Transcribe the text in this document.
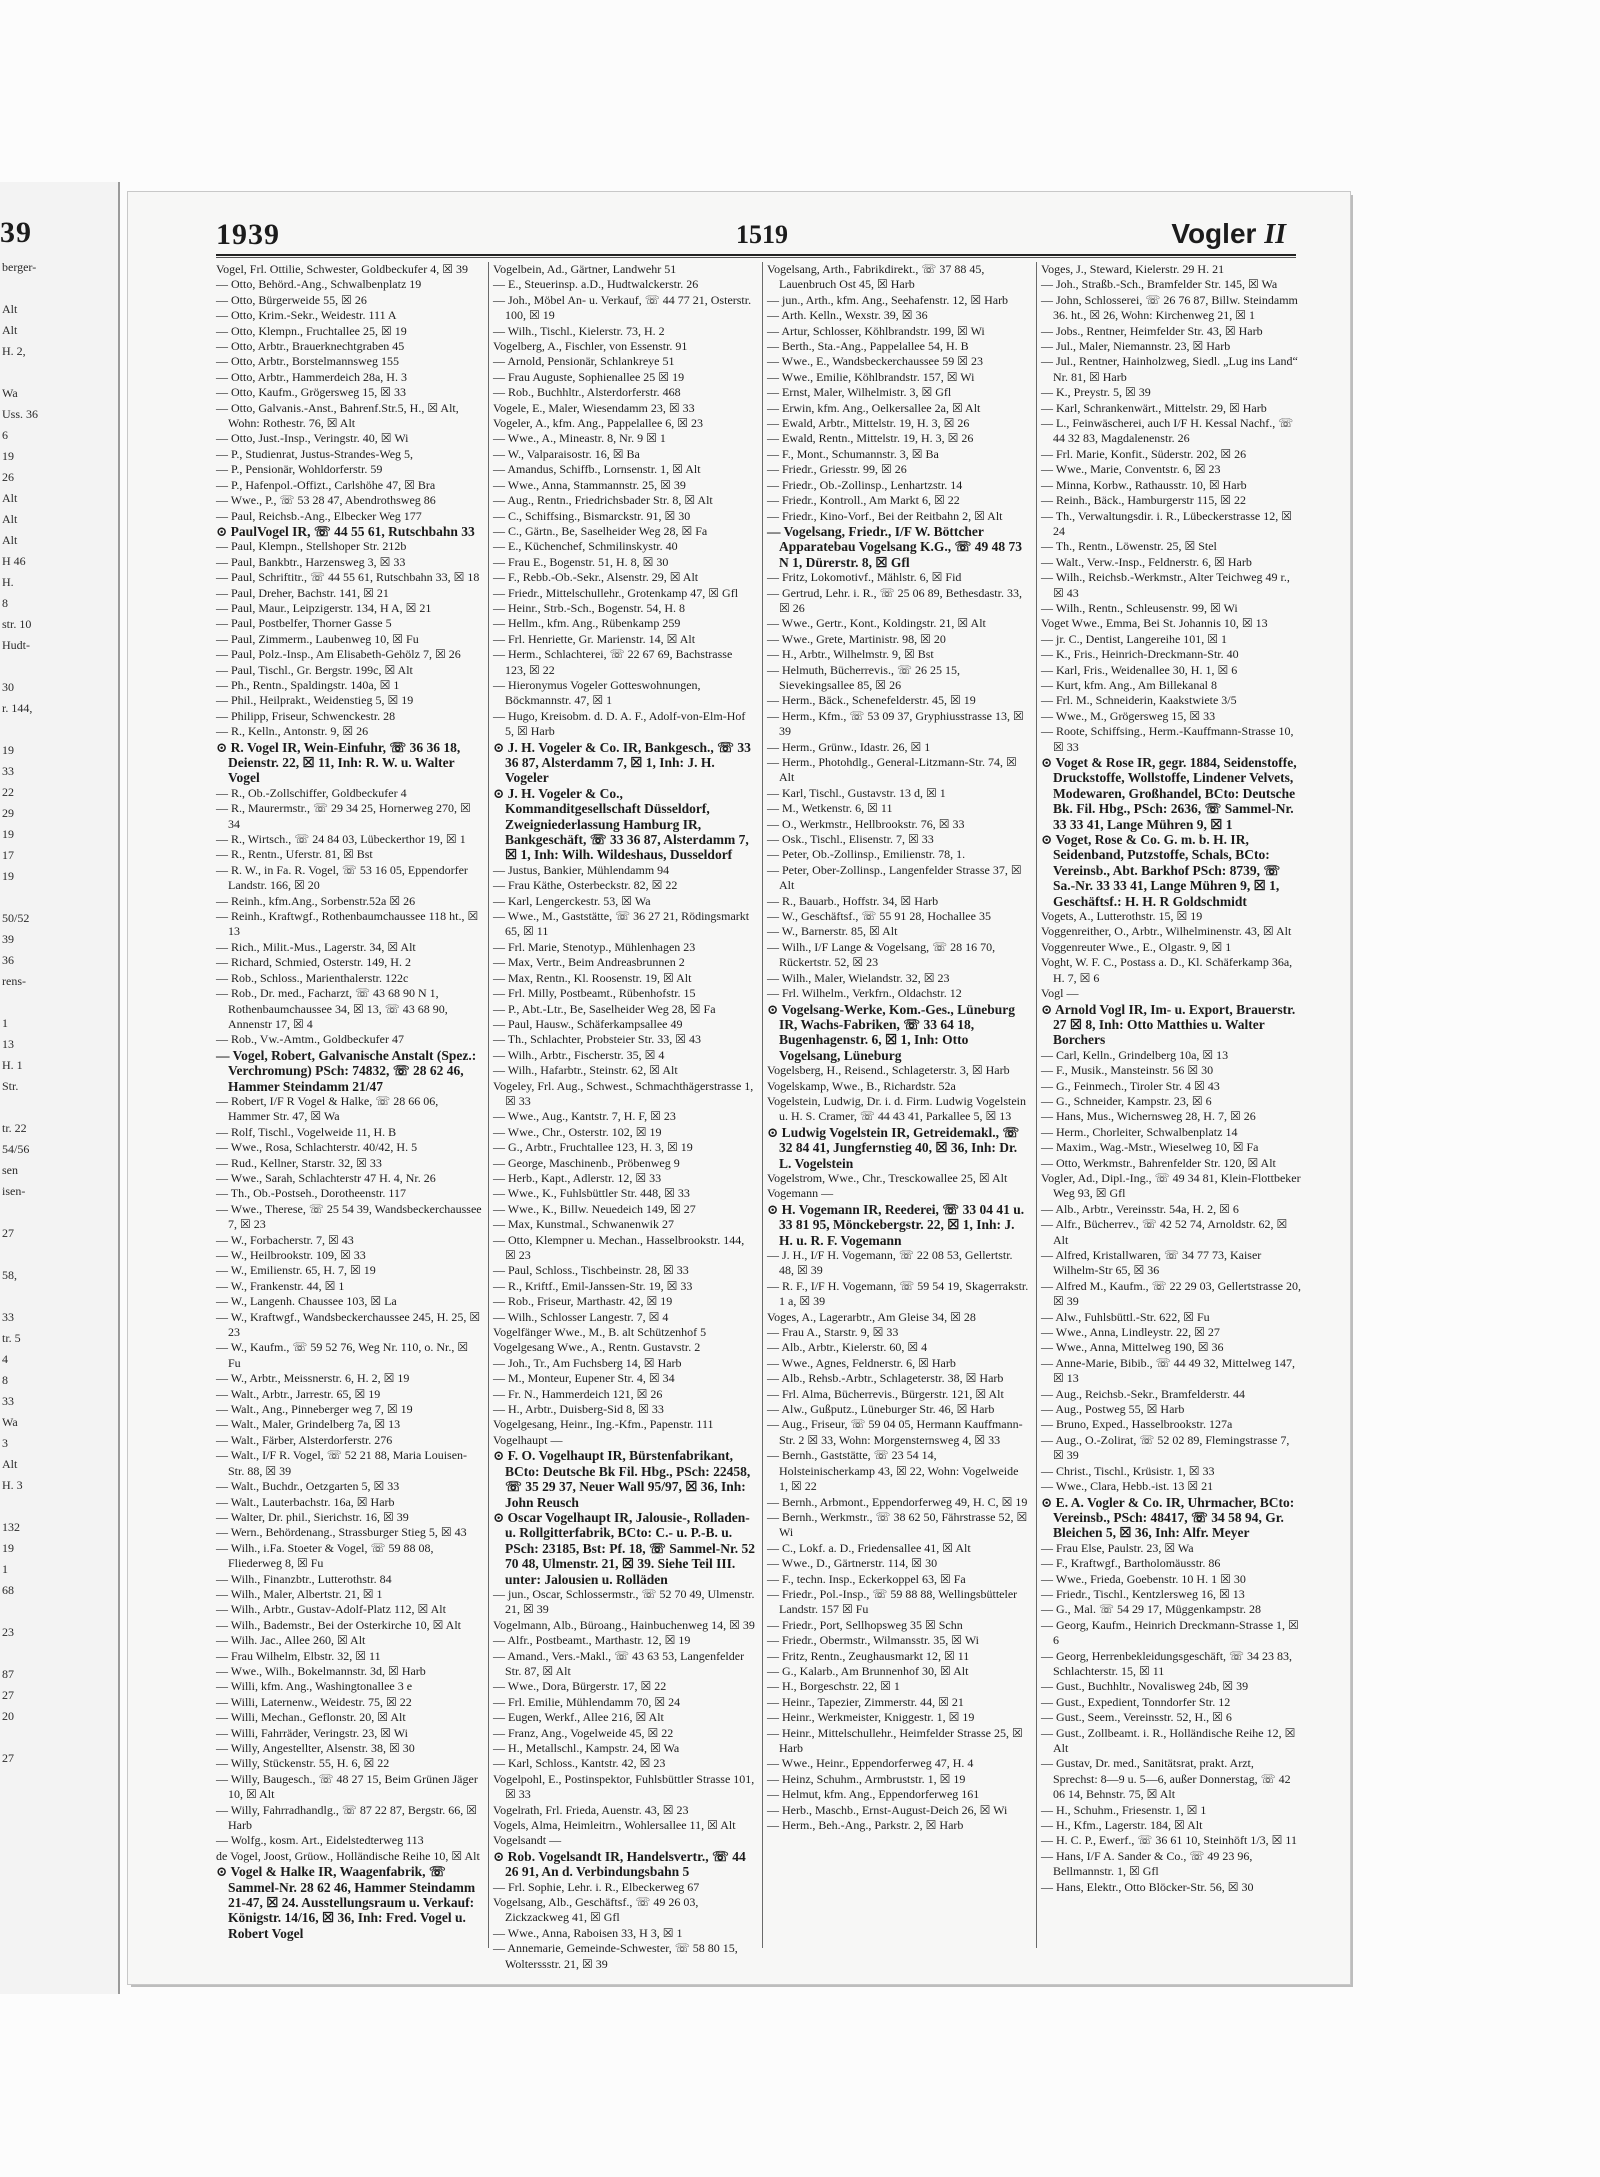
39
berger-
Alt
Alt
H. 2,
Wa
Uss. 36
6
19
26
Alt
Alt
Alt
H 46
H.
8
str. 10
Hudt-
30
r. 144,
19
33
22
29
19
17
19
50/52
39
36
rens-
1
13
H. 1
Str.
tr. 22
54/56
sen
isen-
27
58,
33
tr. 5
4
8
33
Wa
3
Alt
H. 3
132
19
1
68
23
87
27
20
27
1939	1519	Vogler II

Vogel, Frl. Ottilie, Schwester, Goldbeckufer 4, ☒ 39

— Otto, Behörd.-Ang., Schwalbenplatz 19

— Otto, Bürgerweide 55, ☒ 26

— Otto, Krim.-Sekr., Weidestr. 111 A

— Otto, Klempn., Fruchtallee 25, ☒ 19

— Otto, Arbtr., Brauerknechtgraben 45

— Otto, Arbtr., Borstelmannsweg 155

— Otto, Arbtr., Hammerdeich 28a, H. 3

— Otto, Kaufm., Grögersweg 15, ☒ 33

— Otto, Galvanis.-Anst., Bahrenf.Str.5, H., ☒ Alt, Wohn: Rothestr. 76, ☒ Alt

— Otto, Just.-Insp., Veringstr. 40, ☒ Wi

— P., Studienrat, Justus-Strandes-Weg 5,

— P., Pensionär, Wohldorferstr. 59

— P., Hafenpol.-Offizt., Carlshöhe 47, ☒ Bra

— Wwe., P., ☏ 53 28 47, Abendrothsweg 86

— Paul, Reichsb.-Ang., Elbecker Weg 177

⊙ PaulVogel IR, ☏ 44 55 61, Rutschbahn 33

— Paul, Klempn., Stellshoper Str. 212b

— Paul, Bankbtr., Harzensweg 3, ☒ 33

— Paul, Schriftitr., ☏ 44 55 61, Rutschbahn 33, ☒ 18

— Paul, Dreher, Bachstr. 141, ☒ 21

— Paul, Maur., Leipzigerstr. 134, H A, ☒ 21

— Paul, Postbelfer, Thorner Gasse 5

— Paul, Zimmerm., Laubenweg 10, ☒ Fu

— Paul, Polz.-Insp., Am Elisabeth-Gehölz 7, ☒ 26

— Paul, Tischl., Gr. Bergstr. 199c, ☒ Alt

— Ph., Rentn., Spaldingstr. 140a, ☒ 1

— Phil., Heilprakt., Weidenstieg 5, ☒ 19

— Philipp, Friseur, Schwenckestr. 28

— R., Kelln., Antonstr. 9, ☒ 26

⊙ R. Vogel IR, Wein-Einfuhr, ☏ 36 36 18, Deienstr. 22, ☒ 11, Inh: R. W. u. Walter Vogel

— R., Ob.-Zollschiffer, Goldbeckufer 4

— R., Maurermstr., ☏ 29 34 25, Hornerweg 270, ☒ 34

— R., Wirtsch., ☏ 24 84 03, Lübeckerthor 19, ☒ 1

— R., Rentn., Uferstr. 81, ☒ Bst

— R. W., in Fa. R. Vogel, ☏ 53 16 05, Eppendorfer Landstr. 166, ☒ 20

— Reinh., kfm.Ang., Sorbenstr.52a ☒ 26

— Reinh., Kraftwgf., Rothenbaumchaussee 118 ht., ☒ 13

— Rich., Milit.-Mus., Lagerstr. 34, ☒ Alt

— Richard, Schmied, Osterstr. 149, H. 2

— Rob., Schloss., Marienthalerstr. 122c

— Rob., Dr. med., Facharzt, ☏ 43 68 90 N 1, Rothenbaumchaussee 34, ☒ 13, ☏ 43 68 90, Annenstr 17, ☒ 4

— Rob., Vw.-Amtm., Goldbeckufer 47

— Vogel, Robert, Galvanische Anstalt (Spez.: Verchromung) PSch: 74832, ☏ 28 62 46, Hammer Steindamm 21/47

— Robert, I/F R Vogel & Halke, ☏ 28 66 06, Hammer Str. 47, ☒ Wa

— Rolf, Tischl., Vogelweide 11, H. B

— Wwe., Rosa, Schlachterstr. 40/42, H. 5

— Rud., Kellner, Starstr. 32, ☒ 33

— Wwe., Sarah, Schlachterstr 47 H. 4, Nr. 26

— Th., Ob.-Postseh., Dorotheenstr. 117

— Wwe., Therese, ☏ 25 54 39, Wandsbeckerchaussee 7, ☒ 23

— W., Forbacherstr. 7, ☒ 43

— W., Heilbrookstr. 109, ☒ 33

— W., Emilienstr. 65, H. 7, ☒ 19

— W., Frankenstr. 44, ☒ 1

— W., Langenh. Chaussee 103, ☒ La

— W., Kraftwgf., Wandsbeckerchaussee 245, H. 25, ☒ 23

— W., Kaufm., ☏ 59 52 76, Weg Nr. 110, o. Nr., ☒ Fu

— W., Arbtr., Meissnerstr. 6, H. 2, ☒ 19

— Walt., Arbtr., Jarrestr. 65, ☒ 19

— Walt., Ang., Pinneberger weg 7, ☒ 19

— Walt., Maler, Grindelberg 7a, ☒ 13

— Walt., Färber, Alsterdorferstr. 276

— Walt., I/F R. Vogel, ☏ 52 21 88, Maria Louisen-Str. 88, ☒ 39

— Walt., Buchdr., Oetzgarten 5, ☒ 33

— Walt., Lauterbachstr. 16a, ☒ Harb

— Walter, Dr. phil., Sierichstr. 16, ☒ 39

— Wern., Behördenang., Strassburger Stieg 5, ☒ 43

— Wilh., i.Fa. Stoeter & Vogel, ☏ 59 88 08, Fliederweg 8, ☒ Fu

— Wilh., Finanzbtr., Lutterothstr. 84

— Wilh., Maler, Albertstr. 21, ☒ 1

— Wilh., Arbtr., Gustav-Adolf-Platz 112, ☒ Alt

— Wilh., Bademstr., Bei der Osterkirche 10, ☒ Alt

— Wilh. Jac., Allee 260, ☒ Alt

— Frau Wilhelm, Elbstr. 32, ☒ 11

— Wwe., Wilh., Bokelmannstr. 3d, ☒ Harb

— Willi, kfm. Ang., Washingtonallee 3 e

— Willi, Laternenw., Weidestr. 75, ☒ 22

— Willi, Mechan., Geflonstr. 20, ☒ Alt

— Willi, Fahrräder, Veringstr. 23, ☒ Wi

— Willy, Angestellter, Alsenstr. 38, ☒ 30

— Willy, Stückenstr. 55, H. 6, ☒ 22

— Willy, Baugesch., ☏ 48 27 15, Beim Grünen Jäger 10, ☒ Alt

— Willy, Fahrradhandlg., ☏ 87 22 87, Bergstr. 66, ☒ Harb

— Wolfg., kosm. Art., Eidelstedterweg 113

de Vogel, Joost, Grüow., Holländische Reihe 10, ☒ Alt

⊙ Vogel & Halke IR, Waagenfabrik, ☏ Sammel-Nr. 28 62 46, Hammer Steindamm 21-47, ☒ 24. Ausstellungsraum u. Verkauf: Königstr. 14/16, ☒ 36, Inh: Fred. Vogel u. Robert Vogel

Vogelbein, Ad., Gärtner, Landwehr 51

— E., Steuerinsp. a.D., Hudtwalckerstr. 26

— Joh., Möbel An- u. Verkauf, ☏ 44 77 21, Osterstr. 100, ☒ 19

— Wilh., Tischl., Kielerstr. 73, H. 2

Vogelberg, A., Fischler, von Essenstr. 91

— Arnold, Pensionär, Schlankreye 51

— Frau Auguste, Sophienallee 25 ☒ 19

— Rob., Buchhltr., Alsterdorferstr. 468

Vogele, E., Maler, Wiesendamm 23, ☒ 33

Vogeler, A., kfm. Ang., Pappelallee 6, ☒ 23

— Wwe., A., Mineastr. 8, Nr. 9 ☒ 1

— W., Valparaisostr. 16, ☒ Ba

— Amandus, Schiffb., Lornsenstr. 1, ☒ Alt

— Wwe., Anna, Stammannstr. 25, ☒ 39

— Aug., Rentn., Friedrichsbader Str. 8, ☒ Alt

— C., Schiffsing., Bismarckstr. 91, ☒ 30

— C., Gärtn., Be, Saselheider Weg 28, ☒ Fa

— E., Küchenchef, Schmilinskystr. 40

— Frau E., Bogenstr. 51, H. 8, ☒ 30

— F., Rebb.-Ob.-Sekr., Alsenstr. 29, ☒ Alt

— Friedr., Mittelschullehr., Grotenkamp 47, ☒ Gfl

— Heinr., Strb.-Sch., Bogenstr. 54, H. 8

— Hellm., kfm. Ang., Rübenkamp 259

— Frl. Henriette, Gr. Marienstr. 14, ☒ Alt

— Herm., Schlachterei, ☏ 22 67 69, Bachstrasse 123, ☒ 22

— Hieronymus Vogeler Gotteswohnungen, Böckmannstr. 47, ☒ 1

— Hugo, Kreisobm. d. D. A. F., Adolf-von-Elm-Hof 5, ☒ Harb

⊙ J. H. Vogeler & Co. IR, Bankgesch., ☏ 33 36 87, Alsterdamm 7, ☒ 1, Inh: J. H. Vogeler

⊙ J. H. Vogeler & Co., Kommanditgesellschaft Düsseldorf, Zweigniederlassung Hamburg IR, Bankgeschäft, ☏ 33 36 87, Alsterdamm 7, ☒ 1, Inh: Wilh. Wildeshaus, Dusseldorf

— Justus, Bankier, Mühlendamm 94

— Frau Käthe, Osterbeckstr. 82, ☒ 22

— Karl, Lengerckestr. 53, ☒ Wa

— Wwe., M., Gaststätte, ☏ 36 27 21, Rödingsmarkt 65, ☒ 11

— Frl. Marie, Stenotyp., Mühlenhagen 23

— Max, Vertr., Beim Andreasbrunnen 2

— Max, Rentn., Kl. Roosenstr. 19, ☒ Alt

— Frl. Milly, Postbeamt., Rübenhofstr. 15

— P., Abt.-Ltr., Be, Saselheider Weg 28, ☒ Fa

— Paul, Hausw., Schäferkampsallee 49

— Th., Schlachter, Probsteier Str. 33, ☒ 43

— Wilh., Arbtr., Fischerstr. 35, ☒ 4

— Wilh., Hafarbtr., Steinstr. 62, ☒ Alt

Vogeley, Frl. Aug., Schwest., Schmachthägerstrasse 1, ☒ 33

— Wwe., Aug., Kantstr. 7, H. F, ☒ 23

— Wwe., Chr., Osterstr. 102, ☒ 19

— G., Arbtr., Fruchtallee 123, H. 3, ☒ 19

— George, Maschinenb., Pröbenweg 9

— Herb., Kapt., Adlerstr. 12, ☒ 33

— Wwe., K., Fuhlsbüttler Str. 448, ☒ 33

— Wwe., K., Billw. Neuedeich 149, ☒ 27

— Max, Kunstmal., Schwanenwik 27

— Otto, Klempner u. Mechan., Hasselbrookstr. 144, ☒ 23

— Paul, Schloss., Tischbeinstr. 28, ☒ 33

— R., Kriftf., Emil-Janssen-Str. 19, ☒ 33

— Rob., Friseur, Marthastr. 42, ☒ 19

— Wilh., Schlosser Langestr. 7, ☒ 4

Vogelfänger Wwe., M., B. alt Schützenhof 5

Vogelgesang Wwe., A., Rentn. Gustavstr. 2

— Joh., Tr., Am Fuchsberg 14, ☒ Harb

— M., Monteur, Eupener Str. 4, ☒ 34

— Fr. N., Hammerdeich 121, ☒ 26

— H., Arbtr., Duisberg-Sid 8, ☒ 33

Vogelgesang, Heinr., Ing.-Kfm., Papenstr. 111

Vogelhaupt —

⊙ F. O. Vogelhaupt IR, Bürstenfabrikant, BCto: Deutsche Bk Fil. Hbg., PSch: 22458, ☏ 35 29 37, Neuer Wall 95/97, ☒ 36, Inh: John Reusch

⊙ Oscar Vogelhaupt IR, Jalousie-, Rolladen- u. Rollgitterfabrik, BCto: C.- u. P.-B. u. PSch: 23185, Bst: Pf. 18, ☏ Sammel-Nr. 52 70 48, Ulmenstr. 21, ☒ 39. Siehe Teil III. unter: Jalousien u. Rolläden

— jun., Oscar, Schlossermstr., ☏ 52 70 49, Ulmenstr. 21, ☒ 39

Vogelmann, Alb., Büroang., Hainbuchenweg 14, ☒ 39

— Alfr., Postbeamt., Marthastr. 12, ☒ 19

— Amand., Vers.-Makl., ☏ 43 63 53, Langenfelder Str. 87, ☒ Alt

— Wwe., Dora, Bürgerstr. 17, ☒ 22

— Frl. Emilie, Mühlendamm 70, ☒ 24

— Eugen, Werkf., Allee 216, ☒ Alt

— Franz, Ang., Vogelweide 45, ☒ 22

— H., Metallschl., Kampstr. 24, ☒ Wa

— Karl, Schloss., Kantstr. 42, ☒ 23

Vogelpohl, E., Postinspektor, Fuhlsbüttler Strasse 101, ☒ 33

Vogelrath, Frl. Frieda, Auenstr. 43, ☒ 23

Vogels, Alma, Heimleitrn., Wohlersallee 11, ☒ Alt

Vogelsandt —

⊙ Rob. Vogelsandt IR, Handelsvertr., ☏ 44 26 91, An d. Verbindungsbahn 5

— Frl. Sophie, Lehr. i. R., Elbeckerweg 67

Vogelsang, Alb., Geschäftsf., ☏ 49 26 03, Zickzackweg 41, ☒ Gfl

— Wwe., Anna, Raboisen 33, H 3, ☒ 1

— Annemarie, Gemeinde-Schwester, ☏ 58 80 15, Wolterssstr. 21, ☒ 39

Vogelsang, Arth., Fabrikdirekt., ☏ 37 88 45, Lauenbruch Ost 45, ☒ Harb

— jun., Arth., kfm. Ang., Seehafenstr. 12, ☒ Harb

— Arth. Kelln., Wexstr. 39, ☒ 36

— Artur, Schlosser, Köhlbrandstr. 199, ☒ Wi

— Berth., Sta.-Ang., Pappelallee 54, H. B

— Wwe., E., Wandsbeckerchaussee 59 ☒ 23

— Wwe., Emilie, Köhlbrandstr. 157, ☒ Wi

— Ernst, Maler, Wilhelmistr. 3, ☒ Gfl

— Erwin, kfm. Ang., Oelkersallee 2a, ☒ Alt

— Ewald, Arbtr., Mittelstr. 19, H. 3, ☒ 26

— Ewald, Rentn., Mittelstr. 19, H. 3, ☒ 26

— F., Mont., Schumannstr. 3, ☒ Ba

— Friedr., Griesstr. 99, ☒ 26

— Friedr., Ob.-Zollinsp., Lenhartzstr. 14

— Friedr., Kontroll., Am Markt 6, ☒ 22

— Friedr., Kino-Vorf., Bei der Reitbahn 2, ☒ Alt

— Vogelsang, Friedr., I/F W. Böttcher Apparatebau Vogelsang K.G., ☏ 49 48 73 N 1, Dürerstr. 8, ☒ Gfl

— Fritz, Lokomotivf., Mählstr. 6, ☒ Fid

— Gertrud, Lehr. i. R., ☏ 25 06 89, Bethesdastr. 33, ☒ 26

— Wwe., Gertr., Kont., Koldingstr. 21, ☒ Alt

— Wwe., Grete, Martinistr. 98, ☒ 20

— H., Arbtr., Wilhelmstr. 9, ☒ Bst

— Helmuth, Bücherrevis., ☏ 26 25 15, Sievekingsallee 85, ☒ 26

— Herm., Bäck., Schenefelderstr. 45, ☒ 19

— Herm., Kfm., ☏ 53 09 37, Gryphiusstrasse 13, ☒ 39

— Herm., Grünw., Idastr. 26, ☒ 1

— Herm., Photohdlg., General-Litzmann-Str. 74, ☒ Alt

— Karl, Tischl., Gustavstr. 13 d, ☒ 1

— M., Wetkenstr. 6, ☒ 11

— O., Werkmstr., Hellbrookstr. 76, ☒ 33

— Osk., Tischl., Elisenstr. 7, ☒ 33

— Peter, Ob.-Zollinsp., Emilienstr. 78, 1.

— Peter, Ober-Zollinsp., Langenfelder Strasse 37, ☒ Alt

— R., Bauarb., Hoffstr. 34, ☒ Harb

— W., Geschäftsf., ☏ 55 91 28, Hochallee 35

— W., Barnerstr. 85, ☒ Alt

— Wilh., I/F Lange & Vogelsang, ☏ 28 16 70, Rückertstr. 52, ☒ 23

— Wilh., Maler, Wielandstr. 32, ☒ 23

— Frl. Wilhelm., Verkfrn., Oldachstr. 12

⊙ Vogelsang-Werke, Kom.-Ges., Lüneburg IR, Wachs-Fabriken, ☏ 33 64 18, Bugenhagenstr. 6, ☒ 1, Inh: Otto Vogelsang, Lüneburg

Vogelsberg, H., Reisend., Schlageterstr. 3, ☒ Harb

Vogelskamp, Wwe., B., Richardstr. 52a

Vogelstein, Ludwig, Dr. i. d. Firm. Ludwig Vogelstein u. H. S. Cramer, ☏ 44 43 41, Parkallee 5, ☒ 13

⊙ Ludwig Vogelstein IR, Getreidemakl., ☏ 32 84 41, Jungfernstieg 40, ☒ 36, Inh: Dr. L. Vogelstein

Vogelstrom, Wwe., Chr., Tresckowallee 25, ☒ Alt

Vogemann —

⊙ H. Vogemann IR, Reederei, ☏ 33 04 41 u. 33 81 95, Mönckebergstr. 22, ☒ 1, Inh: J. H. u. R. F. Vogemann

— J. H., I/F H. Vogemann, ☏ 22 08 53, Gellertstr. 48, ☒ 39

— R. F., I/F H. Vogemann, ☏ 59 54 19, Skagerrakstr. 1 a, ☒ 39

Voges, A., Lagerarbtr., Am Gleise 34, ☒ 28

— Frau A., Starstr. 9, ☒ 33

— Alb., Arbtr., Kielerstr. 60, ☒ 4

— Wwe., Agnes, Feldnerstr. 6, ☒ Harb

— Alb., Rehsb.-Arbtr., Schlageterstr. 38, ☒ Harb

— Frl. Alma, Bücherrevis., Bürgerstr. 121, ☒ Alt

— Alw., Gußputz., Lüneburger Str. 46, ☒ Harb

— Aug., Friseur, ☏ 59 04 05, Hermann Kauffmann-Str. 2 ☒ 33, Wohn: Morgensternsweg 4, ☒ 33

— Bernh., Gaststätte, ☏ 23 54 14, Holsteinischerkamp 43, ☒ 22, Wohn: Vogelweide 1, ☒ 22

— Bernh., Arbmont., Eppendorferweg 49, H. C, ☒ 19

— Bernh., Werkmstr., ☏ 38 62 50, Fährstrasse 52, ☒ Wi

— C., Lokf. a. D., Friedensallee 41, ☒ Alt

— Wwe., D., Gärtnerstr. 114, ☒ 30

— F., techn. Insp., Eckerkoppel 63, ☒ Fa

— Friedr., Pol.-Insp., ☏ 59 88 88, Wellingsbütteler Landstr. 157 ☒ Fu

— Friedr., Port, Sellhopsweg 35 ☒ Schn

— Friedr., Obermstr., Wilmansstr. 35, ☒ Wi

— Fritz, Rentn., Zeughausmarkt 12, ☒ 11

— G., Kalarb., Am Brunnenhof 30, ☒ Alt

— H., Borgeschstr. 22, ☒ 1

— Heinr., Tapezier, Zimmerstr. 44, ☒ 21

— Heinr., Werkmeister, Kniggestr. 1, ☒ 19

— Heinr., Mittelschullehr., Heimfelder Strasse 25, ☒ Harb

— Wwe., Heinr., Eppendorferweg 47, H. 4

— Heinz, Schuhm., Armbruststr. 1, ☒ 19

— Helmut, kfm. Ang., Eppendorferweg 161

— Herb., Maschb., Ernst-August-Deich 26, ☒ Wi

— Herm., Beh.-Ang., Parkstr. 2, ☒ Harb

Voges, J., Steward, Kielerstr. 29 H. 21

— Joh., Straßb.-Sch., Bramfelder Str. 145, ☒ Wa

— John, Schlosserei, ☏ 26 76 87, Billw. Steindamm 36. ht., ☒ 26, Wohn: Kirchenweg 21, ☒ 1

— Jobs., Rentner, Heimfelder Str. 43, ☒ Harb

— Jul., Maler, Niemannstr. 23, ☒ Harb

— Jul., Rentner, Hainholzweg, Siedl. „Lug ins Land“ Nr. 81, ☒ Harb

— K., Preystr. 5, ☒ 39

— Karl, Schrankenwärt., Mittelstr. 29, ☒ Harb

— L., Feinwäscherei, auch I/F H. Kessal Nachf., ☏ 44 32 83, Magdalenenstr. 26

— Frl. Marie, Konfit., Süderstr. 202, ☒ 26

— Wwe., Marie, Conventstr. 6, ☒ 23

— Minna, Korbw., Rathausstr. 10, ☒ Harb

— Reinh., Bäck., Hamburgerstr 115, ☒ 22

— Th., Verwaltungsdir. i. R., Lübeckerstrasse 12, ☒ 24

— Th., Rentn., Löwenstr. 25, ☒ Stel

— Walt., Verw.-Insp., Feldnerstr. 6, ☒ Harb

— Wilh., Reichsb.-Werkmstr., Alter Teichweg 49 r., ☒ 43

— Wilh., Rentn., Schleusenstr. 99, ☒ Wi

Voget Wwe., Emma, Bei St. Johannis 10, ☒ 13

— jr. C., Dentist, Langereihe 101, ☒ 1

— K., Fris., Heinrich-Dreckmann-Str. 40

— Karl, Fris., Weidenallee 30, H. 1, ☒ 6

— Kurt, kfm. Ang., Am Billekanal 8

— Frl. M., Schneiderin, Kaakstwiete 3/5

— Wwe., M., Grögersweg 15, ☒ 33

— Roote, Schiffsing., Herm.-Kauffmann-Strasse 10, ☒ 33

⊙ Voget & Rose IR, gegr. 1884, Seidenstoffe, Druckstoffe, Wollstoffe, Lindener Velvets, Modewaren, Großhandel, BCto: Deutsche Bk. Fil. Hbg., PSch: 2636, ☏ Sammel-Nr. 33 33 41, Lange Mühren 9, ☒ 1

⊙ Voget, Rose & Co. G. m. b. H. IR, Seidenband, Putzstoffe, Schals, BCto: Vereinsb., Abt. Barkhof PSch: 8739, ☏ Sa.-Nr. 33 33 41, Lange Mühren 9, ☒ 1, Geschäftsf.: H. H. R Goldschmidt

Vogets, A., Lutterothstr. 15, ☒ 19

Voggenreither, O., Arbtr., Wilhelminenstr. 43, ☒ Alt

Voggenreuter Wwe., E., Olgastr. 9, ☒ 1

Voght, W. F. C., Postass a. D., Kl. Schäferkamp 36a, H. 7, ☒ 6

Vogl —

⊙ Arnold Vogl IR, Im- u. Export, Brauerstr. 27 ☒ 8, Inh: Otto Matthies u. Walter Borchers

— Carl, Kelln., Grindelberg 10a, ☒ 13

— F., Musik., Mansteinstr. 56 ☒ 30

— G., Feinmech., Tiroler Str. 4 ☒ 43

— G., Schneider, Kampstr. 23, ☒ 6

— Hans, Mus., Wichernsweg 28, H. 7, ☒ 26

— Herm., Chorleiter, Schwalbenplatz 14

— Maxim., Wag.-Mstr., Wieselweg 10, ☒ Fa

— Otto, Werkmstr., Bahrenfelder Str. 120, ☒ Alt

Vogler, Ad., Dipl.-Ing., ☏ 49 34 81, Klein-Flottbeker Weg 93, ☒ Gfl

— Alb., Arbtr., Vereinsstr. 54a, H. 2, ☒ 6

— Alfr., Bücherrev., ☏ 42 52 74, Arnoldstr. 62, ☒ Alt

— Alfred, Kristallwaren, ☏ 34 77 73, Kaiser Wilhelm-Str 65, ☒ 36

— Alfred M., Kaufm., ☏ 22 29 03, Gellertstrasse 20, ☒ 39

— Alw., Fuhlsbüttl.-Str. 622, ☒ Fu

— Wwe., Anna, Lindleystr. 22, ☒ 27

— Wwe., Anna, Mittelweg 190, ☒ 36

— Anne-Marie, Bibib., ☏ 44 49 32, Mittelweg 147, ☒ 13

— Aug., Reichsb.-Sekr., Bramfelderstr. 44

— Aug., Postweg 55, ☒ Harb

— Bruno, Exped., Hasselbrookstr. 127a

— Aug., O.-Zolirat, ☏ 52 02 89, Flemingstrasse 7, ☒ 39

— Christ., Tischl., Krüsistr. 1, ☒ 33

— Wwe., Clara, Hebb.-ist. 13 ☒ 21

⊙ E. A. Vogler & Co. IR, Uhrmacher, BCto: Vereinsb., PSch: 48417, ☏ 34 58 94, Gr. Bleichen 5, ☒ 36, Inh: Alfr. Meyer

— Frau Else, Paulstr. 23, ☒ Wa

— F., Kraftwgf., Bartholomäusstr. 86

— Wwe., Frieda, Goebenstr. 10 H. 1 ☒ 30

— Friedr., Tischl., Kentzlersweg 16, ☒ 13

— G., Mal. ☏ 54 29 17, Müggenkampstr. 28

— Georg, Kaufm., Heinrich Dreckmann-Strasse 1, ☒ 6

— Georg, Herrenbekleidungsgeschäft, ☏ 34 23 83, Schlachterstr. 15, ☒ 11

— Gust., Buchhltr., Novalisweg 24b, ☒ 39

— Gust., Expedient, Tonndorfer Str. 12

— Gust., Seem., Vereinsstr. 52, H., ☒ 6

— Gust., Zollbeamt. i. R., Holländische Reihe 12, ☒ Alt

— Gustav, Dr. med., Sanitätsrat, prakt. Arzt, Sprechst: 8—9 u. 5—6, außer Donnerstag, ☏ 42 06 14, Behnstr. 75, ☒ Alt

— H., Schuhm., Friesenstr. 1, ☒ 1

— H., Kfm., Lagerstr. 184, ☒ Alt

— H. C. P., Ewerf., ☏ 36 61 10, Steinhöft 1/3, ☒ 11

— Hans, I/F A. Sander & Co., ☏ 49 23 96, Bellmannstr. 1, ☒ Gfl

— Hans, Elektr., Otto Blöcker-Str. 56, ☒ 30
